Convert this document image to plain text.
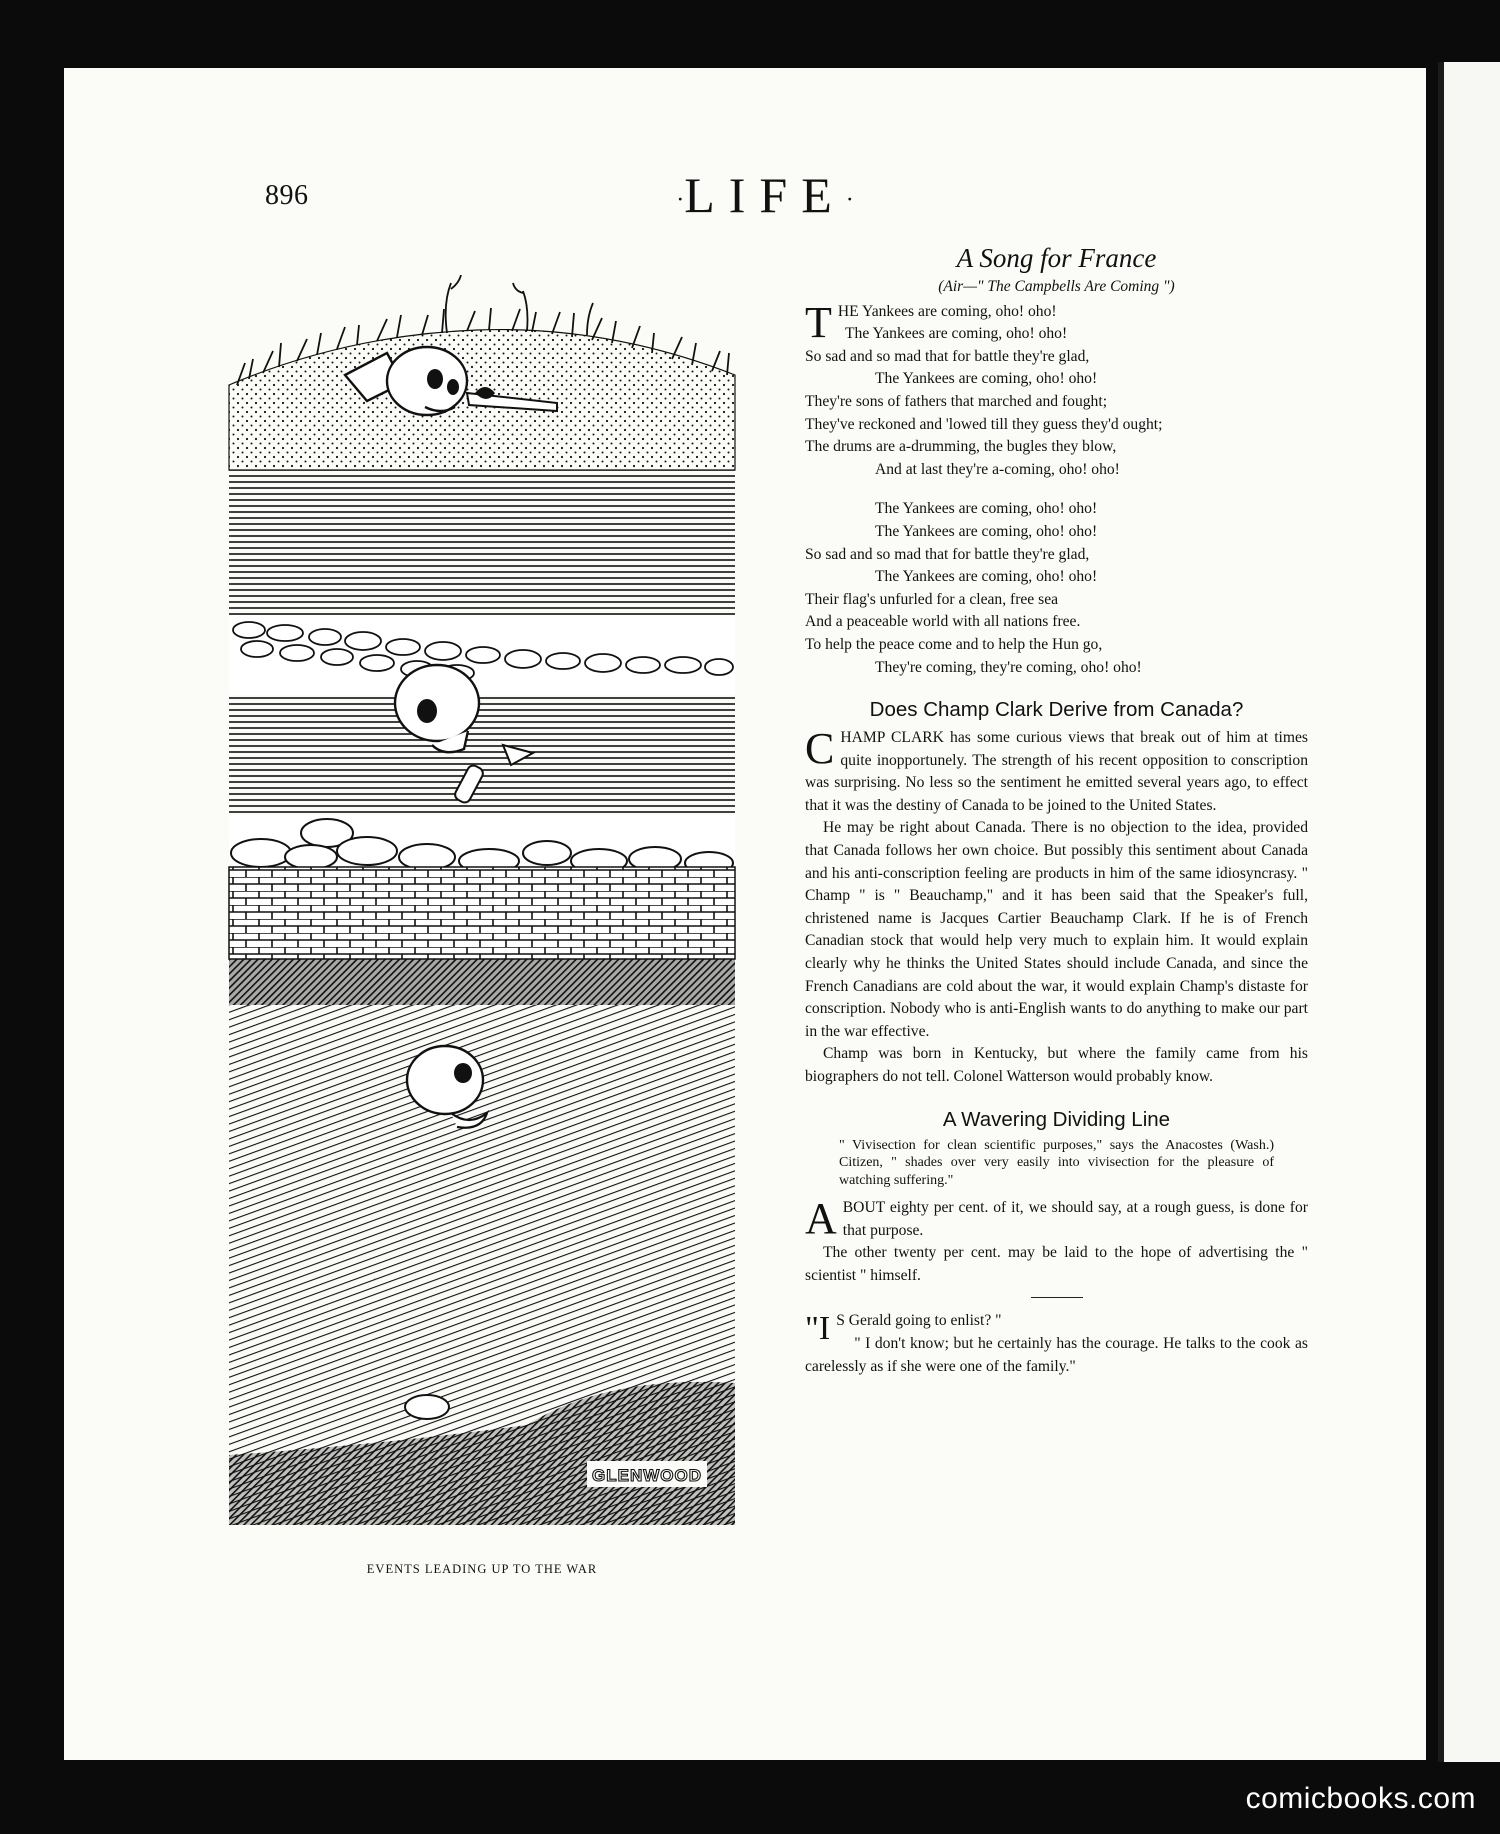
896	·LIFE·
GLENWOOD
EVENTS LEADING UP TO THE WAR
A Song for France
(Air—" The Campbells Are Coming ")
T HE Yankees are coming, oho! oho!
The Yankees are coming, oho! oho!
So sad and so mad that for battle they're glad,
The Yankees are coming, oho! oho!
They're sons of fathers that marched and fought;
They've reckoned and 'lowed till they guess they'd ought;
The drums are a-drumming, the bugles they blow,
And at last they're a-coming, oho! oho!
The Yankees are coming, oho! oho!
The Yankees are coming, oho! oho!
So sad and so mad that for battle they're glad,
The Yankees are coming, oho! oho!
Their flag's unfurled for a clean, free sea
And a peaceable world with all nations free.
To help the peace come and to help the Hun go,
They're coming, they're coming, oho! oho!
Does Champ Clark Derive from Canada?

CHAMP CLARK has some curious views that break out of him at times quite inopportunely. The strength of his recent opposition to conscription was surprising. No less so the sentiment he emitted several years ago, to effect that it was the destiny of Canada to be joined to the United States.

He may be right about Canada. There is no objection to the idea, provided that Canada follows her own choice. But possibly this sentiment about Canada and his anti-conscription feeling are products in him of the same idiosyncrasy. " Champ " is " Beauchamp," and it has been said that the Speaker's full, christened name is Jacques Cartier Beauchamp Clark. If he is of French Canadian stock that would help very much to explain him. It would explain clearly why he thinks the United States should include Canada, and since the French Canadians are cold about the war, it would explain Champ's distaste for conscription. Nobody who is anti-English wants to do anything to make our part in the war effective.

Champ was born in Kentucky, but where the family came from his biographers do not tell. Colonel Watterson would probably know.

A Wavering Dividing Line
" Vivisection for clean scientific purposes," says the Anacostes (Wash.) Citizen, " shades over very easily into vivisection for the pleasure of watching suffering."

ABOUT eighty per cent. of it, we should say, at a rough guess, is done for that purpose.

The other twenty per cent. may be laid to the hope of advertising the " scientist " himself.

"I S Gerald going to enlist? "

" I don't know; but he certainly has the courage. He talks to the cook as carelessly as if she were one of the family."

comicbooks.com
